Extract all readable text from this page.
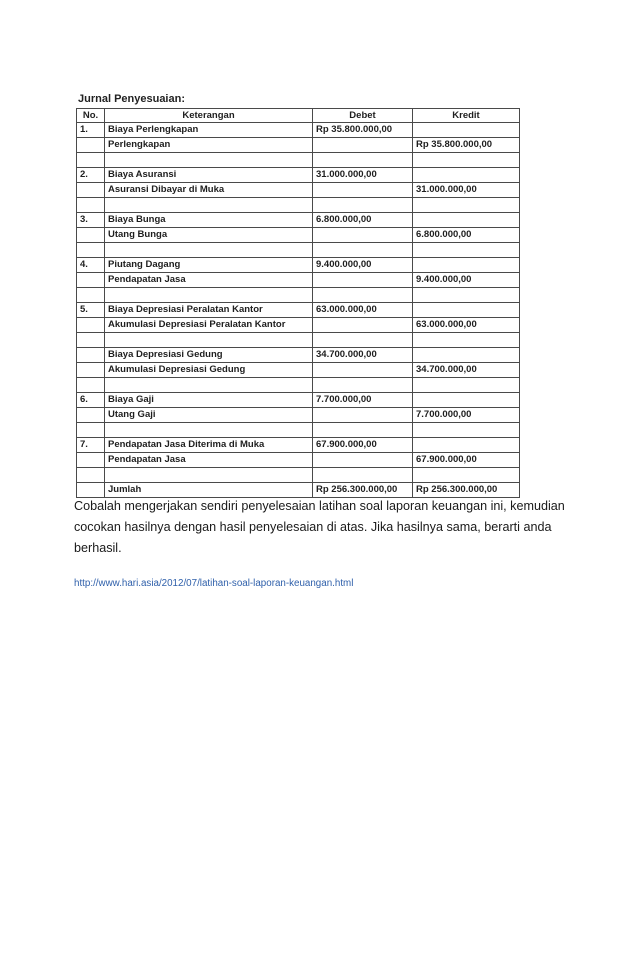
Jurnal Penyesuaian:
No.	Keterangan	Debet	Kredit
1.	Biaya Perlengkapan	Rp 35.800.000,00	
	Perlengkapan		Rp 35.800.000,00

2.	Biaya Asuransi	31.000.000,00	
	Asuransi Dibayar di Muka		31.000.000,00

3.	Biaya Bunga	6.800.000,00	
	Utang Bunga		6.800.000,00

4.	Piutang Dagang	9.400.000,00	
	Pendapatan Jasa		9.400.000,00

5.	Biaya Depresiasi Peralatan Kantor	63.000.000,00	
	Akumulasi Depresiasi Peralatan Kantor		63.000.000,00

	Biaya Depresiasi Gedung	34.700.000,00	
	Akumulasi Depresiasi Gedung		34.700.000,00

6.	Biaya Gaji	7.700.000,00	
	Utang Gaji		7.700.000,00

7.	Pendapatan Jasa Diterima di Muka	67.900.000,00	
	Pendapatan Jasa		67.900.000,00

	Jumlah	Rp 256.300.000,00	Rp 256.300.000,00
Cobalah mengerjakan sendiri penyelesaian latihan soal laporan keuangan ini, kemudian cocokan hasilnya dengan hasil penyelesaian di atas. Jika hasilnya sama, berarti anda berhasil.
http://www.hari.asia/2012/07/latihan-soal-laporan-keuangan.html
